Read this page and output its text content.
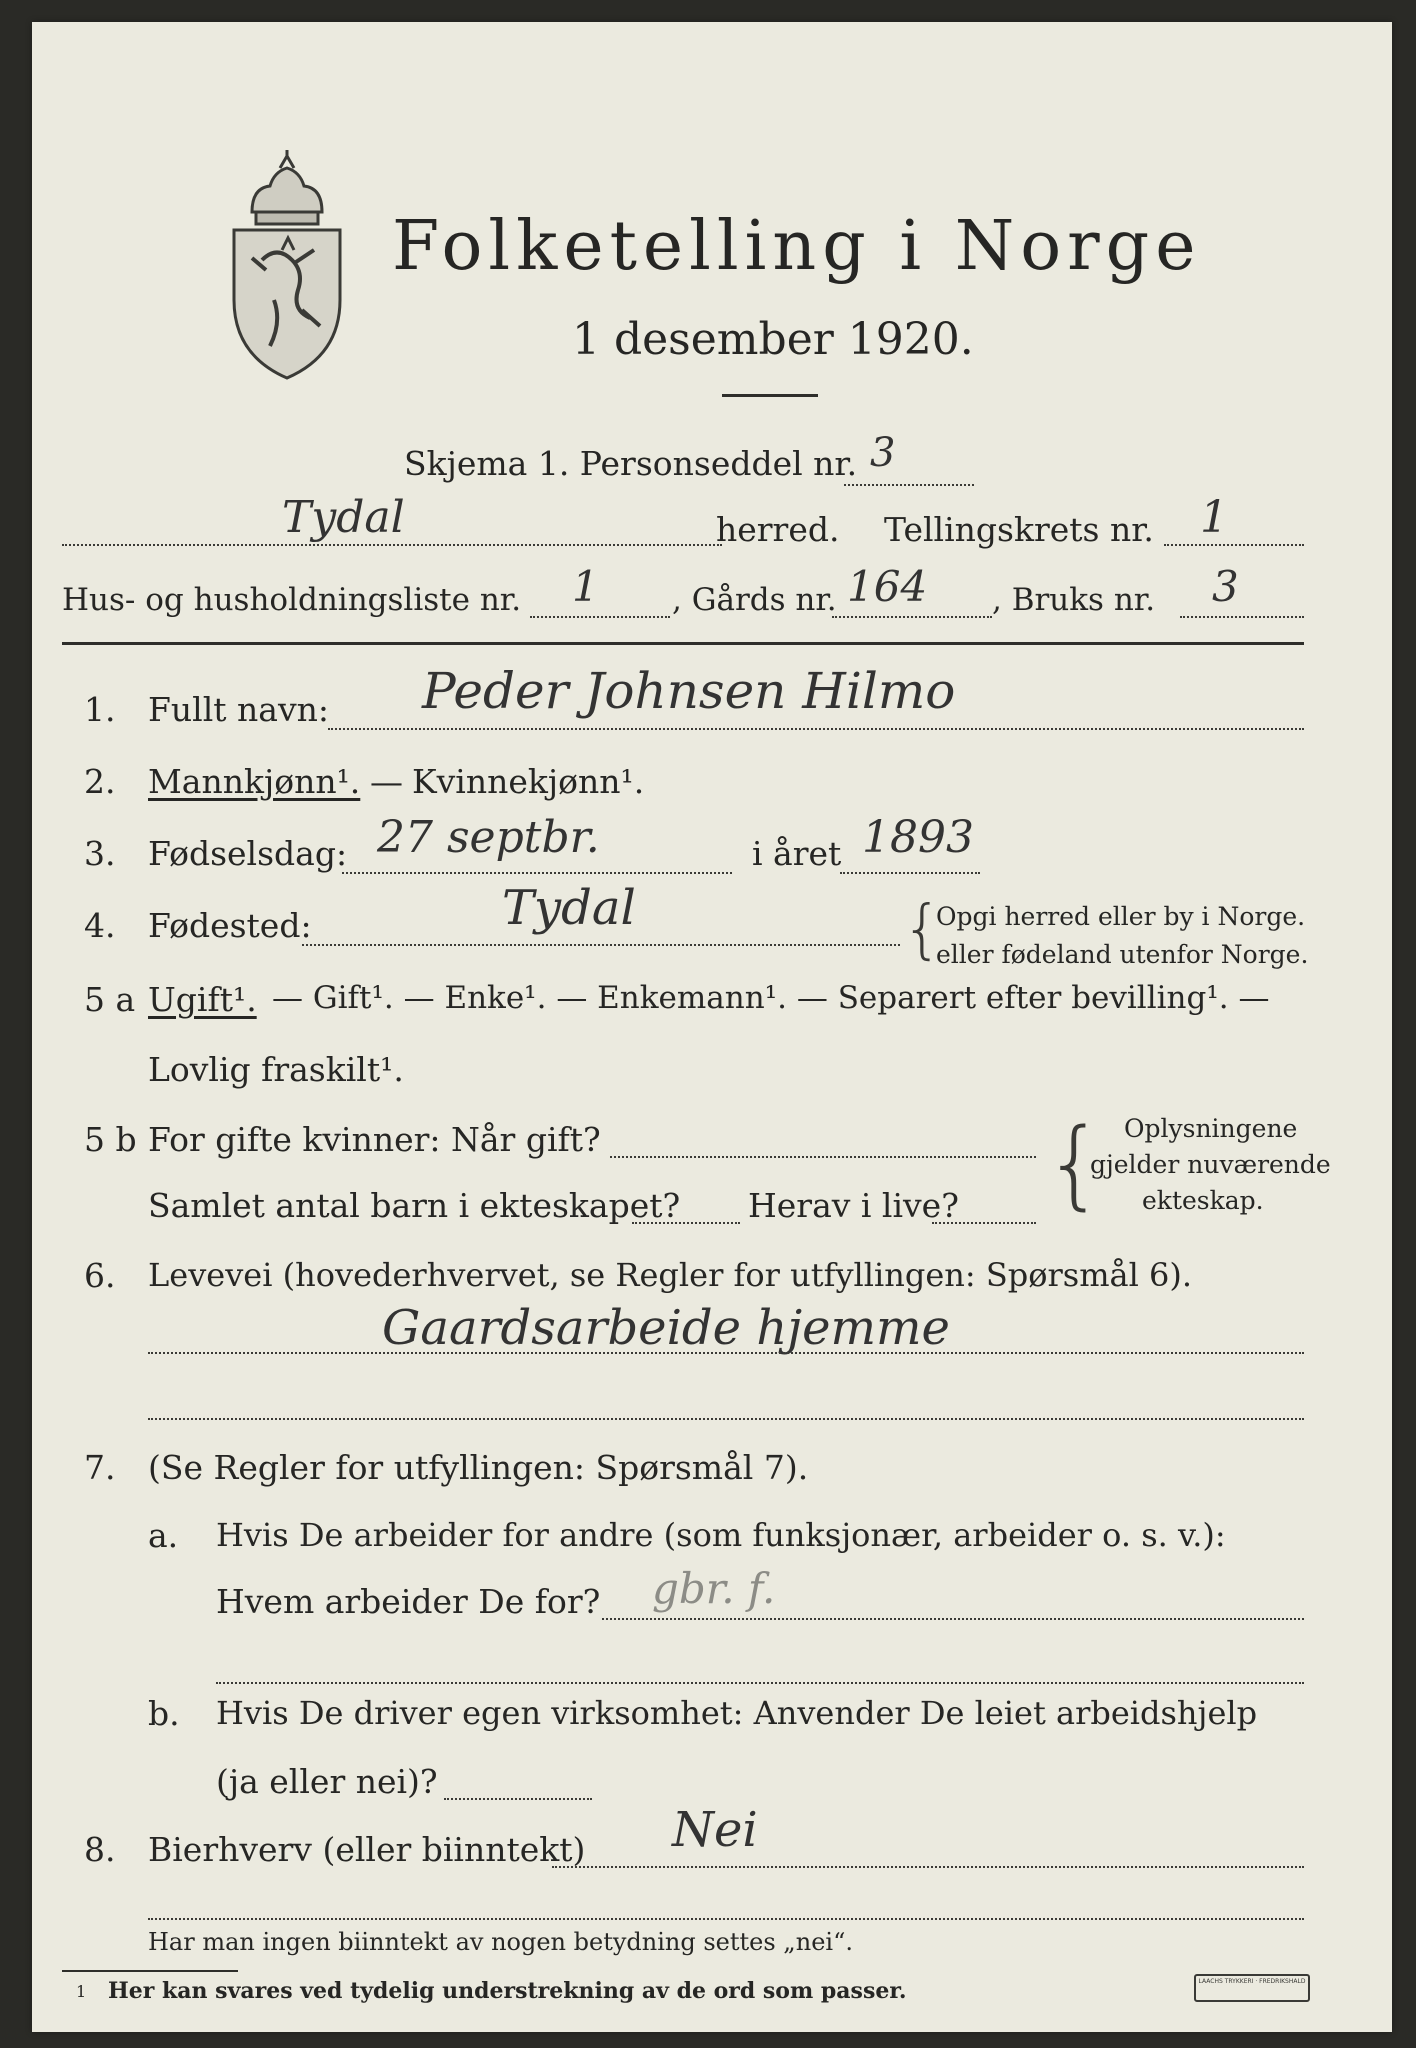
Folketelling i Norge
1 desember 1920.
Skjema 1. Personseddel nr. 3
Tydal	herred. Tellingskrets nr. 1
Hus- og husholdningsliste nr. 1 , Gårds nr. 164 , Bruks nr. 3
1. Fullt navn: Peder Johnsen Hilmo
2. Mannkjønn¹. — Kvinnekjønn¹.
3. Fødselsdag: 27 septbr.	i året 1893
4. Fødested:	Tydal	{
Opgi herred eller by i Norge.
eller fødeland utenfor Norge.
5 a Ugift¹. — Gift¹. — Enke¹. — Enkemann¹. — Separert efter bevilling¹. —
Lovlig fraskilt¹.
5 b For gifte kvinner: Når gift?
Samlet antal barn i ekteskapet? Herav i live? { Oplysningene
gjelder nuværende
ekteskap.
6. Levevei (hovederhvervet, se Regler for utfyllingen: Spørsmål 6).
Gaardsarbeide hjemme
7. (Se Regler for utfyllingen: Spørsmål 7).
a. Hvis De arbeider for andre (som funksjonær, arbeider o. s. v.):
Hvem arbeider De for? gbr. f.
b. Hvis De driver egen virksomhet: Anvender De leiet arbeidshjelp
(ja eller nei)?
8. Bierhverv (eller biinntekt) Nei
Har man ingen biinntekt av nogen betydning settes „nei“.
1 Her kan svares ved tydelig understrekning av de ord som passer.	LAACHS TRYKKERI · FREDRIKSHALD
